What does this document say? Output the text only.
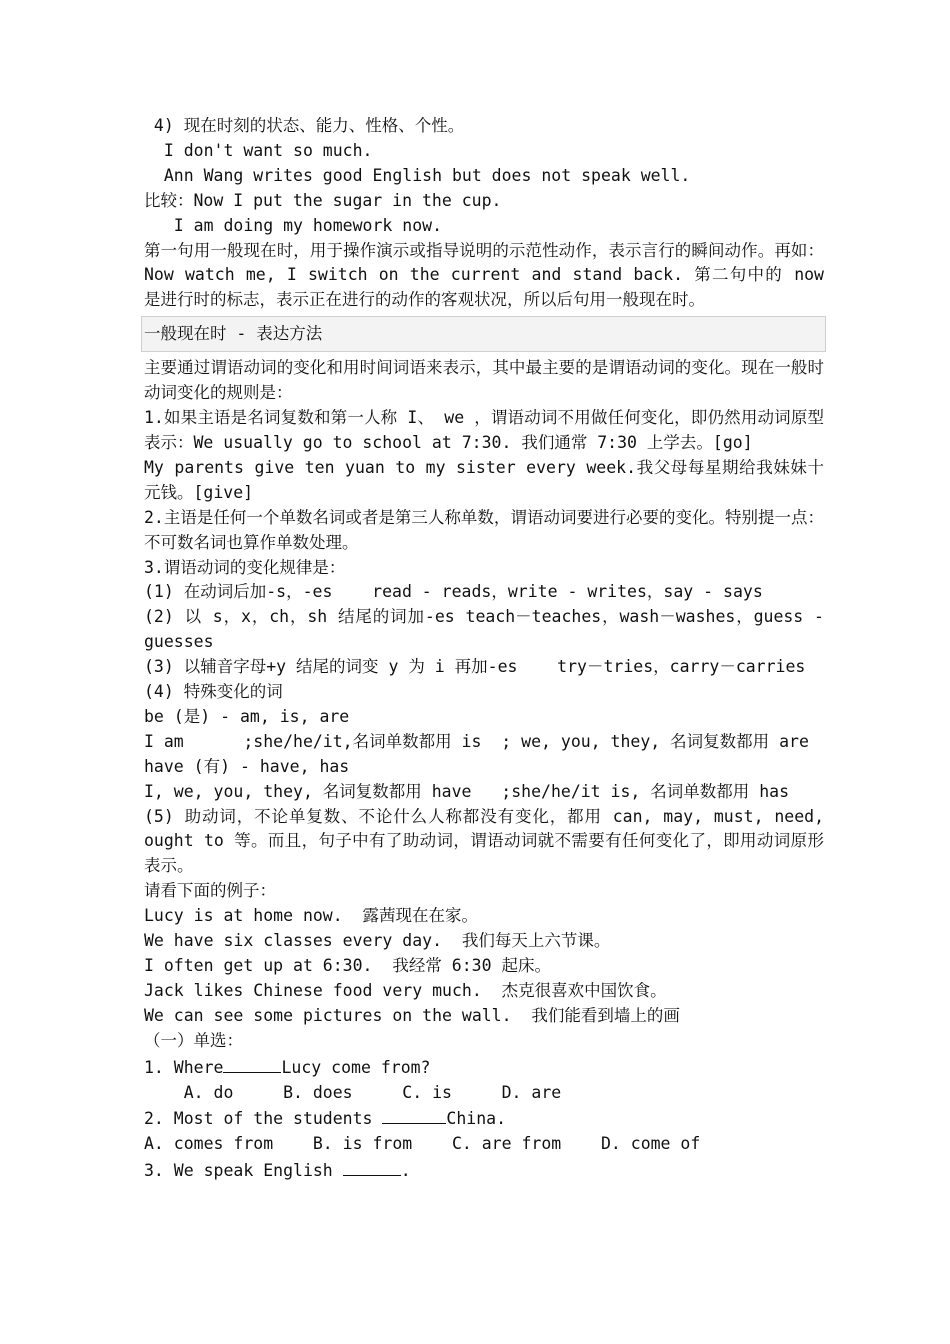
4) 现在时刻的状态、能力、性格、个性。
I don't want so much.
Ann Wang writes good English but does not speak well.
比较：Now I put the sugar in the cup.
I am doing my homework now.
第一句用一般现在时，用于操作演示或指导说明的示范性动作，表示言行的瞬间动作。再如：Now watch me, I switch on the current and stand back. 第二句中的 now 是进行时的标志，表示正在进行的动作的客观状况，所以后句用一般现在时。
一般现在时 - 表达方法
主要通过谓语动词的变化和用时间词语来表示，其中最主要的是谓语动词的变化。现在一般时动词变化的规则是：
1.如果主语是名词复数和第一人称 I、 we ，谓语动词不用做任何变化，即仍然用动词原型表示：We usually go to school at 7:30. 我们通常 7:30 上学去。[go]
My parents give ten yuan to my sister every week.我父母每星期给我妹妹十元钱。[give]
2.主语是任何一个单数名词或者是第三人称单数，谓语动词要进行必要的变化。特别提一点：不可数名词也算作单数处理。
3.谓语动词的变化规律是：
(1) 在动词后加-s，-es    read - reads，write - writes，say - says
(2) 以 s，x，ch，sh 结尾的词加-es teach－teaches，wash－washes，guess - guesses
(3) 以辅音字母+y 结尾的词变 y 为 i 再加-es    try－tries，carry－carries
(4) 特殊变化的词
be (是) - am, is, are
I am      ;she/he/it,名词单数都用 is  ; we, you, they, 名词复数都用 are
have (有) - have, has
I, we, you, they, 名词复数都用 have   ;she/he/it is, 名词单数都用 has
(5) 助动词，不论单复数、不论什么人称都没有变化，都用 can, may, must, need, ought to 等。而且，句子中有了助动词，谓语动词就不需要有任何变化了，即用动词原形表示。
请看下面的例子：
Lucy is at home now.  露茜现在在家。
We have six classes every day.  我们每天上六节课。
I often get up at 6:30.  我经常 6:30 起床。
Jack likes Chinese food very much.  杰克很喜欢中国饮食。
We can see some pictures on the wall.  我们能看到墙上的画
（一）单选：
1. Where	Lucy come from?
A. do     B. does     C. is     D. are
2. Most of the students	China.
A. comes from    B. is from    C. are from    D. come of
3. We speak English	.
